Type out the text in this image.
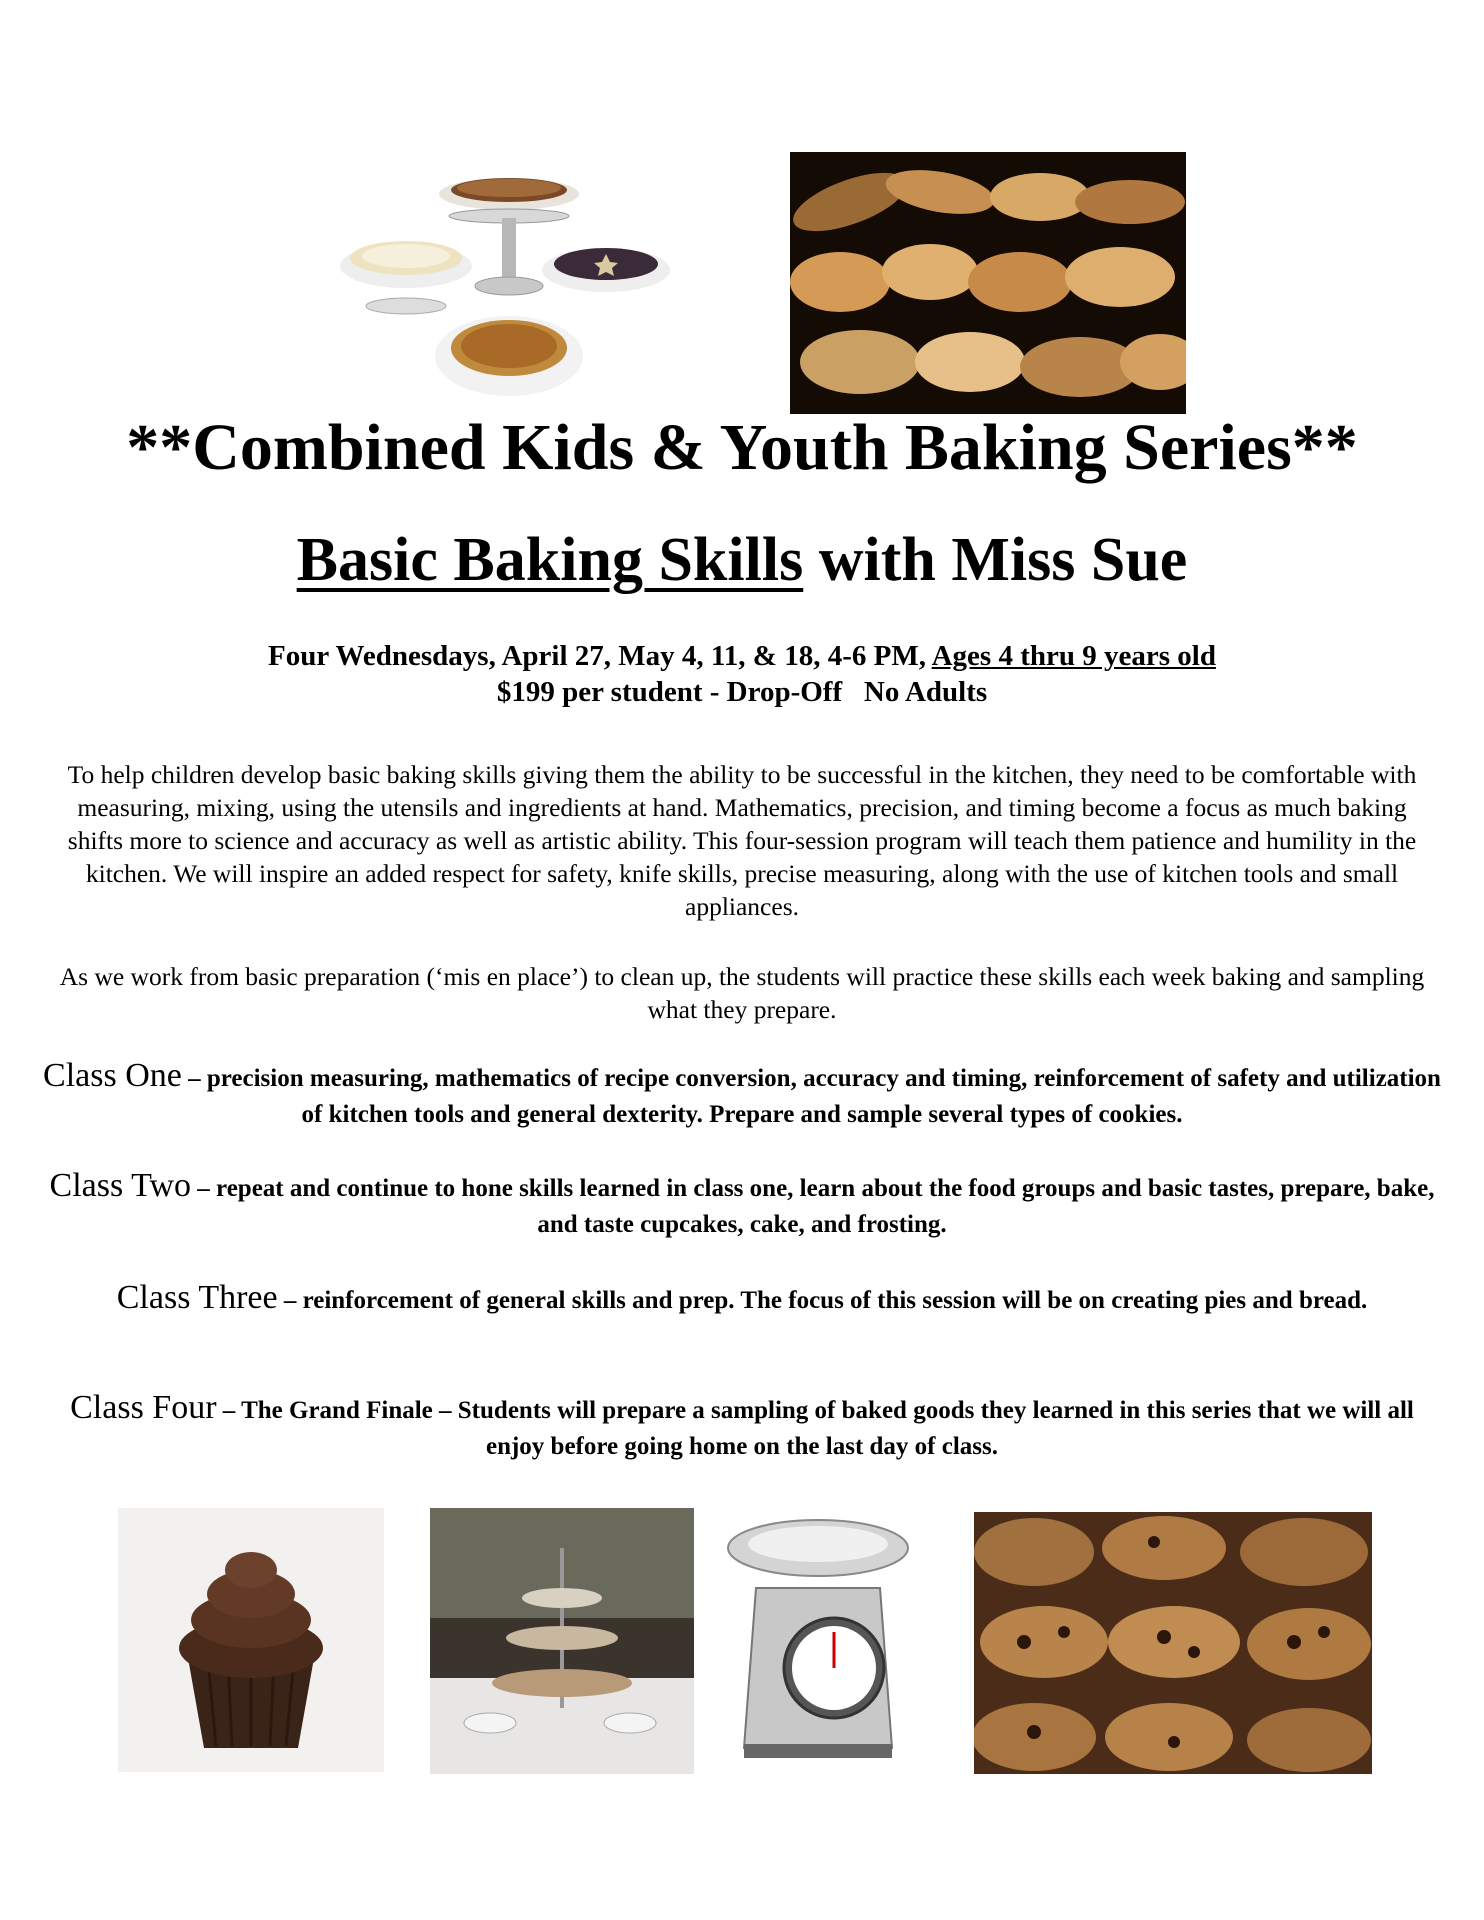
**Combined Kids & Youth Baking Series**
Basic Baking Skills with Miss Sue
Four Wednesdays, April 27, May 4, 11, & 18, 4-6 PM, Ages 4 thru 9 years old
$199 per student - Drop-Off   No Adults
To help children develop basic baking skills giving them the ability to be successful in the kitchen, they need to be comfortable with measuring, mixing, using the utensils and ingredients at hand. Mathematics, precision, and timing become a focus as much baking shifts more to science and accuracy as well as artistic ability. This four-session program will teach them patience and humility in the kitchen. We will inspire an added respect for safety, knife skills, precise measuring, along with the use of kitchen tools and small appliances.
As we work from basic preparation (‘mis en place’) to clean up, the students will practice these skills each week baking and sampling what they prepare.
Class One – precision measuring, mathematics of recipe conversion, accuracy and timing, reinforcement of safety and utilization of kitchen tools and general dexterity. Prepare and sample several types of cookies.
Class Two – repeat and continue to hone skills learned in class one, learn about the food groups and basic tastes, prepare, bake, and taste cupcakes, cake, and frosting.
Class Three – reinforcement of general skills and prep. The focus of this session will be on creating pies and bread.
Class Four – The Grand Finale – Students will prepare a sampling of baked goods they learned in this series that we will all enjoy before going home on the last day of class.
